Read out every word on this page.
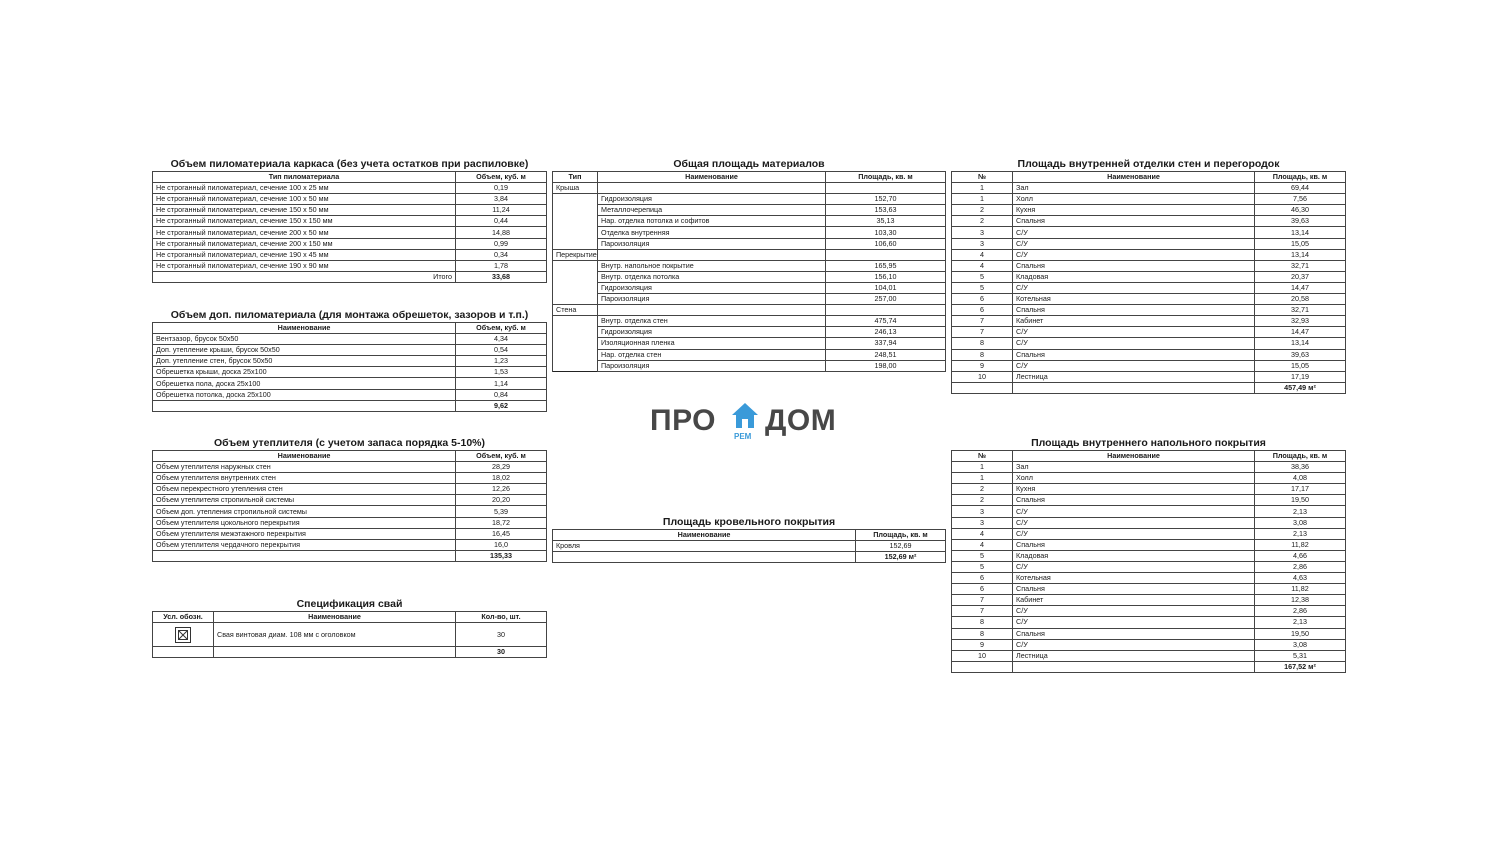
Объем пиломатериала каркаса (без учета остатков при распиловке)
Тип пиломатериала	Объем, куб. м
Не строганный пиломатериал, сечение 100 х 25 мм	0,19
Не строганный пиломатериал, сечение 100 х 50 мм	3,84
Не строганный пиломатериал, сечение 150 х 50 мм	11,24
Не строганный пиломатериал, сечение 150 х 150 мм	0,44
Не строганный пиломатериал, сечение 200 х 50 мм	14,88
Не строганный пиломатериал, сечение 200 х 150 мм	0,99
Не строганный пиломатериал, сечение 190 х 45 мм	0,34
Не строганный пиломатериал, сечение 190 х 90 мм	1,78
Итого	33,68
Объем доп. пиломатериала (для монтажа обрешеток, зазоров и т.п.)
Наименование	Объем, куб. м
Вентзазор, брусок 50х50	4,34
Доп. утепление крыши, брусок 50х50	0,54
Доп. утепление стен, брусок 50х50	1,23
Обрешетка крыши, доска 25х100	1,53
Обрешетка пола, доска 25х100	1,14
Обрешетка потолка, доска 25х100	0,84
	9,62
Объем утеплителя (с учетом запаса порядка 5-10%)
Наименование	Объем, куб. м
Объем утеплителя наружных стен	28,29
Объем утеплителя внутренних стен	18,02
Объем перекрестного утепления стен	12,26
Объем утеплителя стропильной системы	20,20
Объем доп. утепления стропильной системы	5,39
Объем утеплителя цокольного перекрытия	18,72
Объем утеплителя межэтажного перекрытия	16,45
Объем утеплителя чердачного перекрытия	16,0
	135,33
Спецификация свай
Усл. обозн.	Наименование	Кол-во, шт.

	Свая винтовая диам. 108 мм с оголовком	30
		30
Общая площадь материалов
Тип	Наименование	Площадь, кв. м
Крыша		
	Гидроизоляция	152,70
	Металлочерепица	153,63
	Нар. отделка потолка и софитов	35,13
	Отделка внутренняя	103,30
	Пароизоляция	106,60
Перекрытие		
	Внутр. напольное покрытие	165,95
	Внутр. отделка потолка	156,10
	Гидроизоляция	104,01
	Пароизоляция	257,00
Стена		
	Внутр. отделка стен	475,74
	Гидроизоляция	246,13
	Изоляционная пленка	337,94
	Нар. отделка стен	248,51
	Пароизоляция	198,00
ПРО РЕМ ДОМ
Площадь кровельного покрытия
Наименование	Площадь, кв. м
Кровля	152,69
	152,69 м²
Площадь внутренней отделки стен и перегородок
№	Наименование	Площадь, кв. м
1	Зал	69,44
1	Холл	7,56
2	Кухня	46,30
2	Спальня	39,63
3	С/У	13,14
3	С/У	15,05
4	С/У	13,14
4	Спальня	32,71
5	Кладовая	20,37
5	С/У	14,47
6	Котельная	20,58
6	Спальня	32,71
7	Кабинет	32,93
7	С/У	14,47
8	С/У	13,14
8	Спальня	39,63
9	С/У	15,05
10	Лестница	17,19
		457,49 м²
Площадь внутреннего напольного покрытия
№	Наименование	Площадь, кв. м
1	Зал	38,36
1	Холл	4,08
2	Кухня	17,17
2	Спальня	19,50
3	С/У	2,13
3	С/У	3,08
4	С/У	2,13
4	Спальня	11,82
5	Кладовая	4,66
5	С/У	2,86
6	Котельная	4,63
6	Спальня	11,82
7	Кабинет	12,38
7	С/У	2,86
8	С/У	2,13
8	Спальня	19,50
9	С/У	3,08
10	Лестница	5,31
		167,52 м²
